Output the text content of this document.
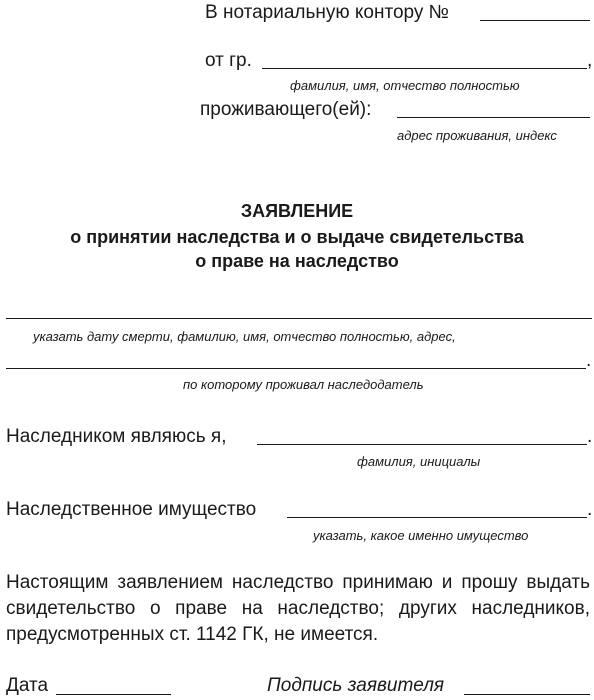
В нотариальную контору №
от гр.	,
фамилия, имя, отчество полностью
проживающего(ей):
адрес проживания, индекс
ЗАЯВЛЕНИЕ
о принятии наследства и о выдаче свидетельства
о праве на наследство
указать дату смерти, фамилию, имя, отчество полностью, адрес,
.
по которому проживал наследодатель
Наследником являюсь я,	.
фамилия, инициалы
Наследственное имущество	.
указать, какое именно имущество
Настоящим заявлением наследство принимаю и прошу выдать свидетельство о праве на наследство; других наследников, предусмотренных ст. 1142 ГК, не имеется.
Дата	Подпись заявителя
